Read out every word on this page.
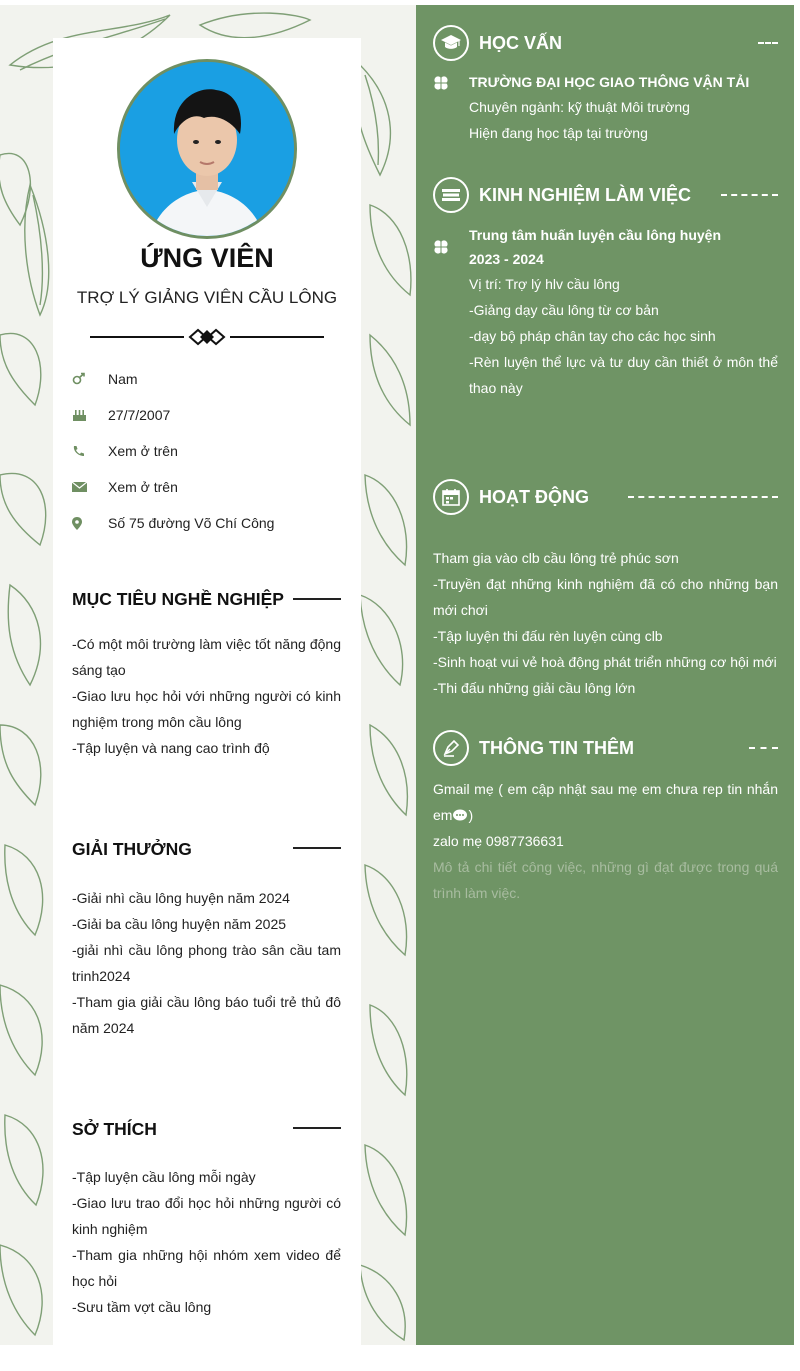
ỨNG VIÊN
TRỢ LÝ GIẢNG VIÊN CẦU LÔNG
Nam
27/7/2007
Xem ở trên
Xem ở trên
Số 75 đường Võ Chí Công
MỤC TIÊU NGHỀ NGHIỆP
-Có một môi trường làm việc tốt năng động sáng tạo
-Giao lưu học hỏi với những người có kinh nghiệm trong môn cầu lông
-Tập luyện và nang cao trình độ
GIẢI THƯỞNG
-Giải nhì cầu lông huyện năm 2024
-Giải ba cầu lông huyện năm 2025
-giải nhì cầu lông phong trào sân cầu tam trinh2024
-Tham gia giải cầu lông báo tuổi trẻ thủ đô năm 2024
SỞ THÍCH
-Tập luyện cầu lông mỗi ngày
-Giao lưu trao đổi học hỏi những người có kinh nghiệm
-Tham gia những hội nhóm xem video để học hỏi
-Sưu tầm vợt cầu lông
HỌC VẤN
TRƯỜNG ĐẠI HỌC GIAO THÔNG VẬN TẢI
Chuyên ngành: kỹ thuật Môi trường
Hiện đang học tập tại trường
KINH NGHIỆM LÀM VIỆC
Trung tâm huấn luyện cầu lông huyện
2023 - 2024
Vị trí: Trợ lý hlv cầu lông
-Giảng dạy cầu lông từ cơ bản
-dạy bộ pháp chân tay cho các học sinh
-Rèn luyện thể lực và tư duy cần thiết ở môn thể thao này
HOẠT ĐỘNG
Tham gia vào clb cầu lông trẻ phúc sơn
-Truyền đạt những kinh nghiệm đã có cho những bạn mới chơi
-Tập luyện thi đấu rèn luyện cùng clb
-Sinh hoạt vui vẻ hoà động phát triển những cơ hội mới
-Thi đấu những giải cầu lông lớn
THÔNG TIN THÊM
Gmail mẹ ( em cập nhật sau mẹ em chưa rep tin nhắn em )
zalo mẹ 0987736631
Mô tả chi tiết công việc, những gì đạt được trong quá trình làm việc.
